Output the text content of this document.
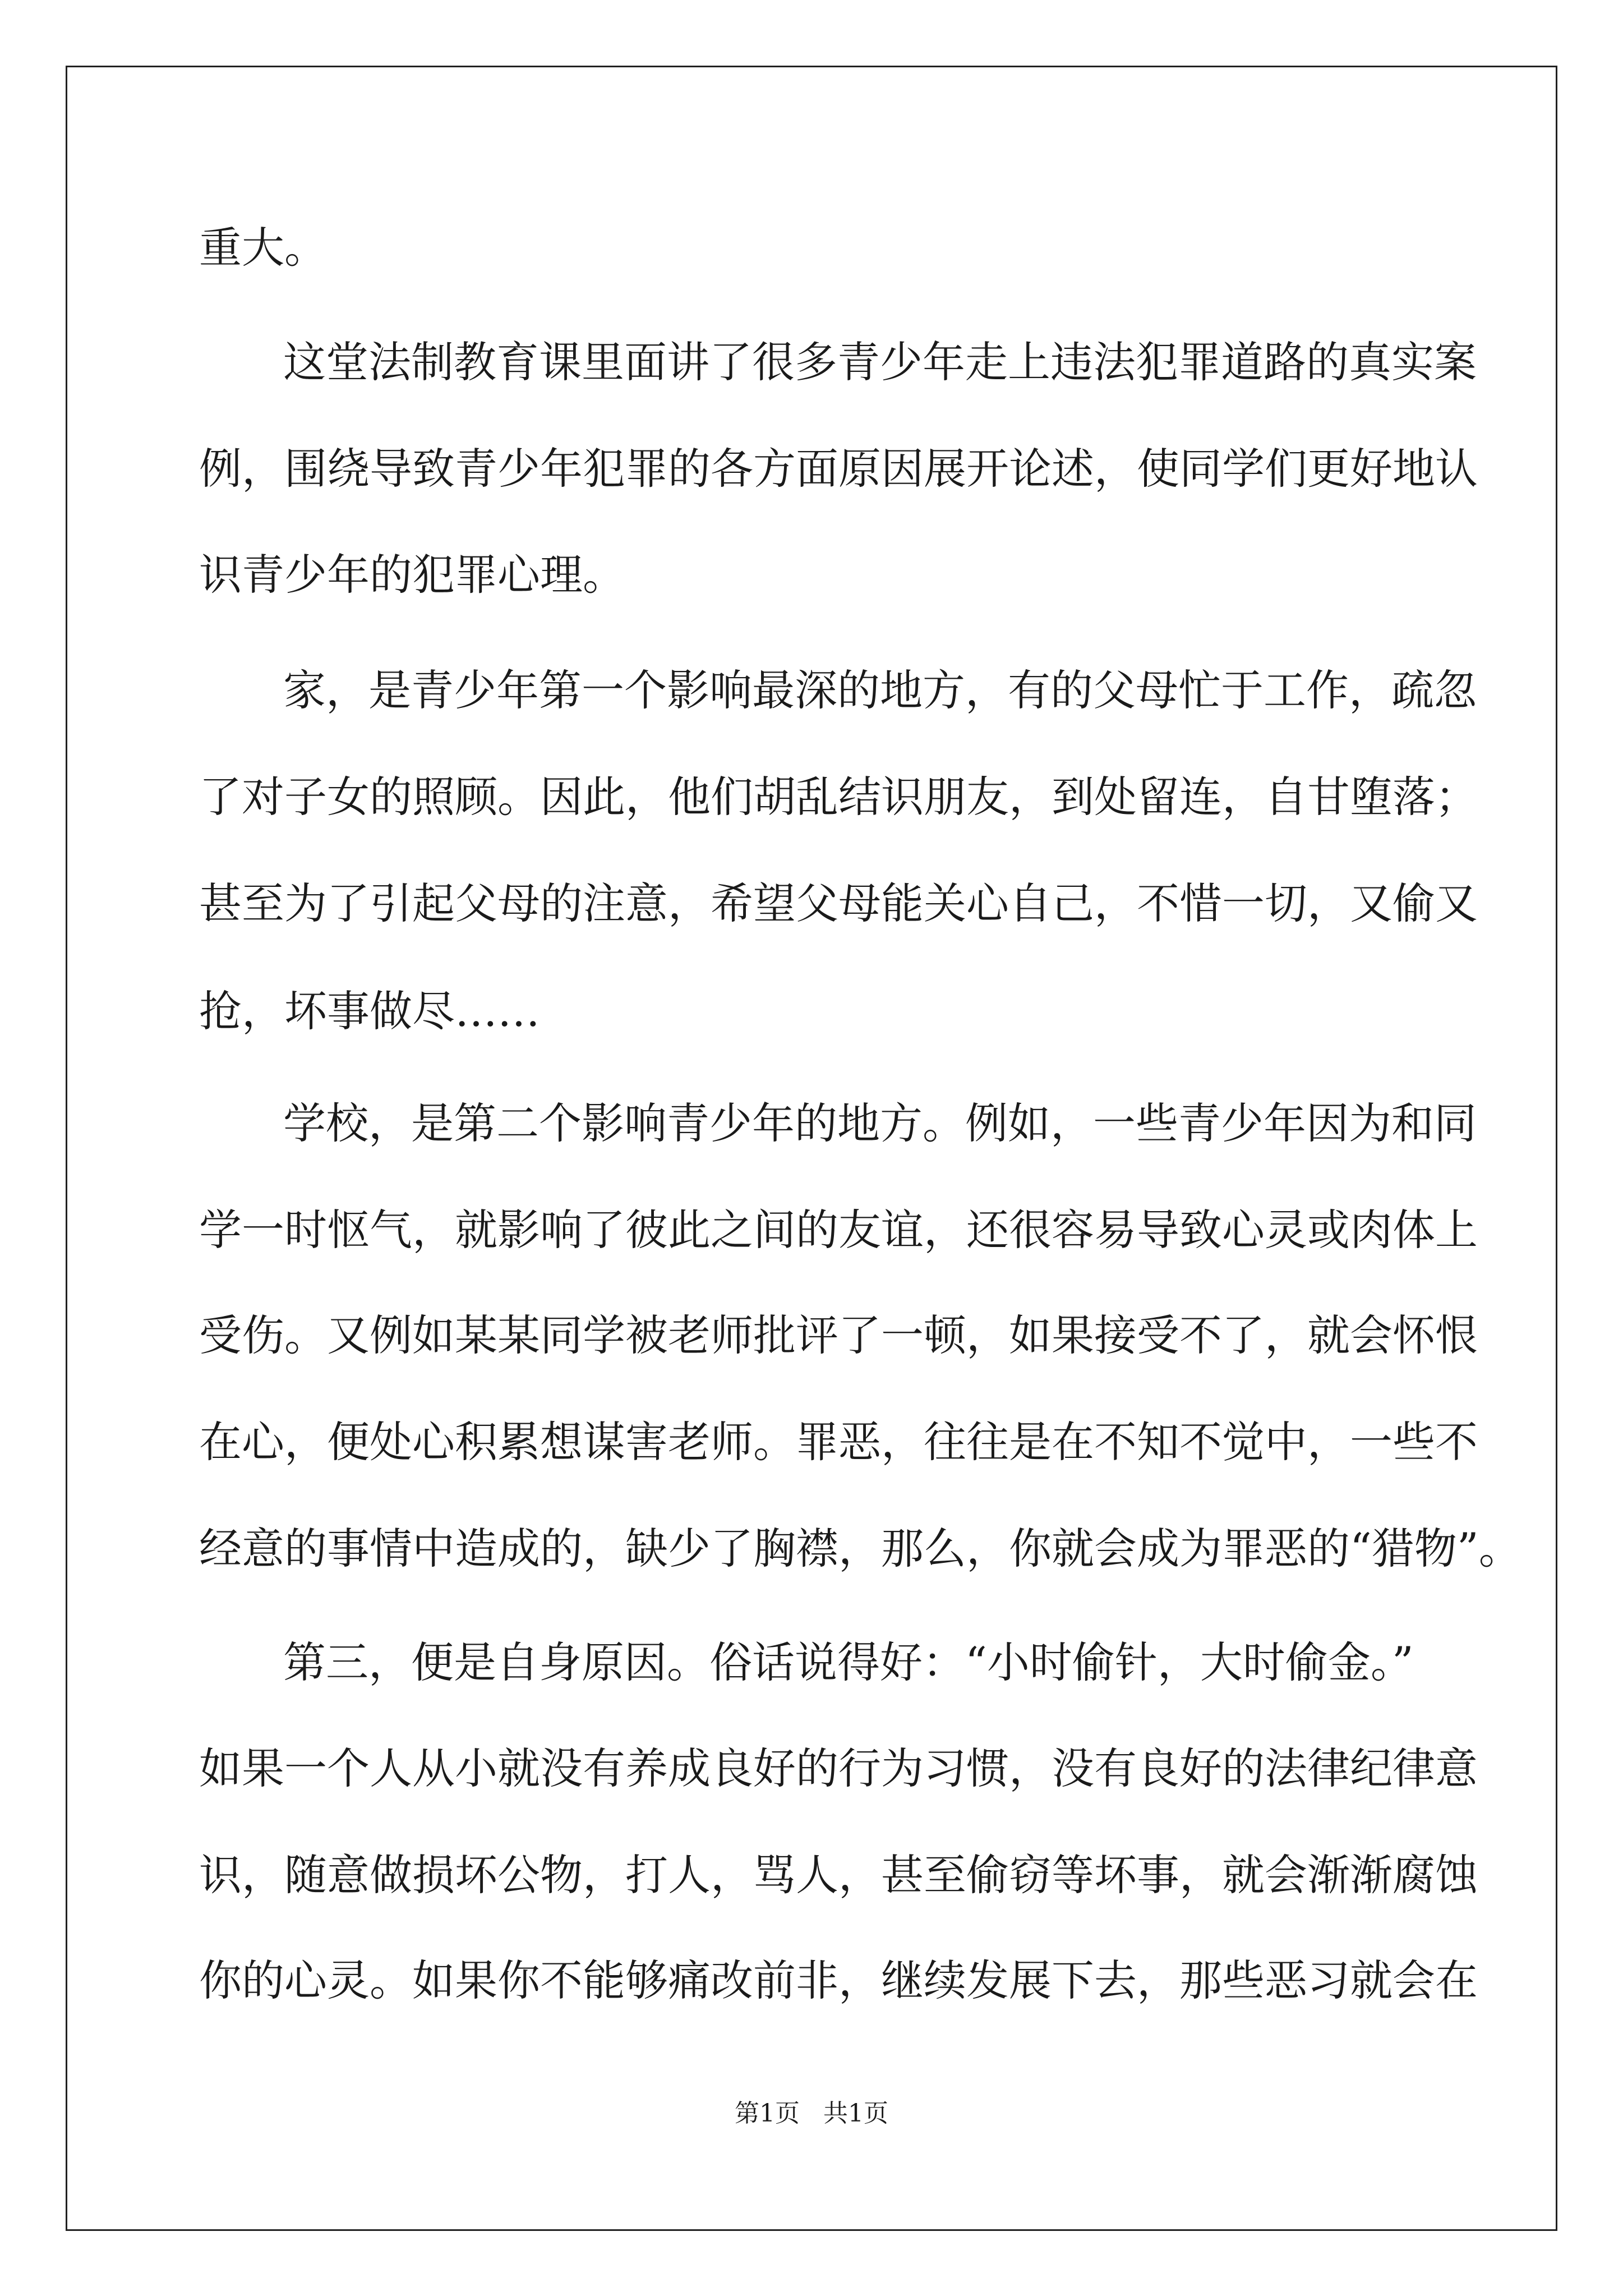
重大。

这堂法制教育课里面讲了很多青少年走上违法犯罪道路的真实案

例，围绕导致青少年犯罪的各方面原因展开论述，使同学们更好地认

识青少年的犯罪心理。

家，是青少年第一个影响最深的地方，有的父母忙于工作，疏忽

了对子女的照顾。因此，他们胡乱结识朋友，到处留连，自甘堕落；

甚至为了引起父母的注意，希望父母能关心自己，不惜一切，又偷又

抢，坏事做尽……

学校，是第二个影响青少年的地方。例如，一些青少年因为和同

学一时怄气，就影响了彼此之间的友谊，还很容易导致心灵或肉体上

受伤。又例如某某同学被老师批评了一顿，如果接受不了，就会怀恨

在心，便处心积累想谋害老师。罪恶，往往是在不知不觉中，一些不

经意的事情中造成的，缺少了胸襟，那么，你就会成为罪恶的“猎物”。

第三，便是自身原因。俗话说得好：“小时偷针，大时偷金。”

如果一个人从小就没有养成良好的行为习惯，没有良好的法律纪律意

识，随意做损坏公物，打人，骂人，甚至偷窃等坏事，就会渐渐腐蚀

你的心灵。如果你不能够痛改前非，继续发展下去，那些恶习就会在

第1页   共1页
